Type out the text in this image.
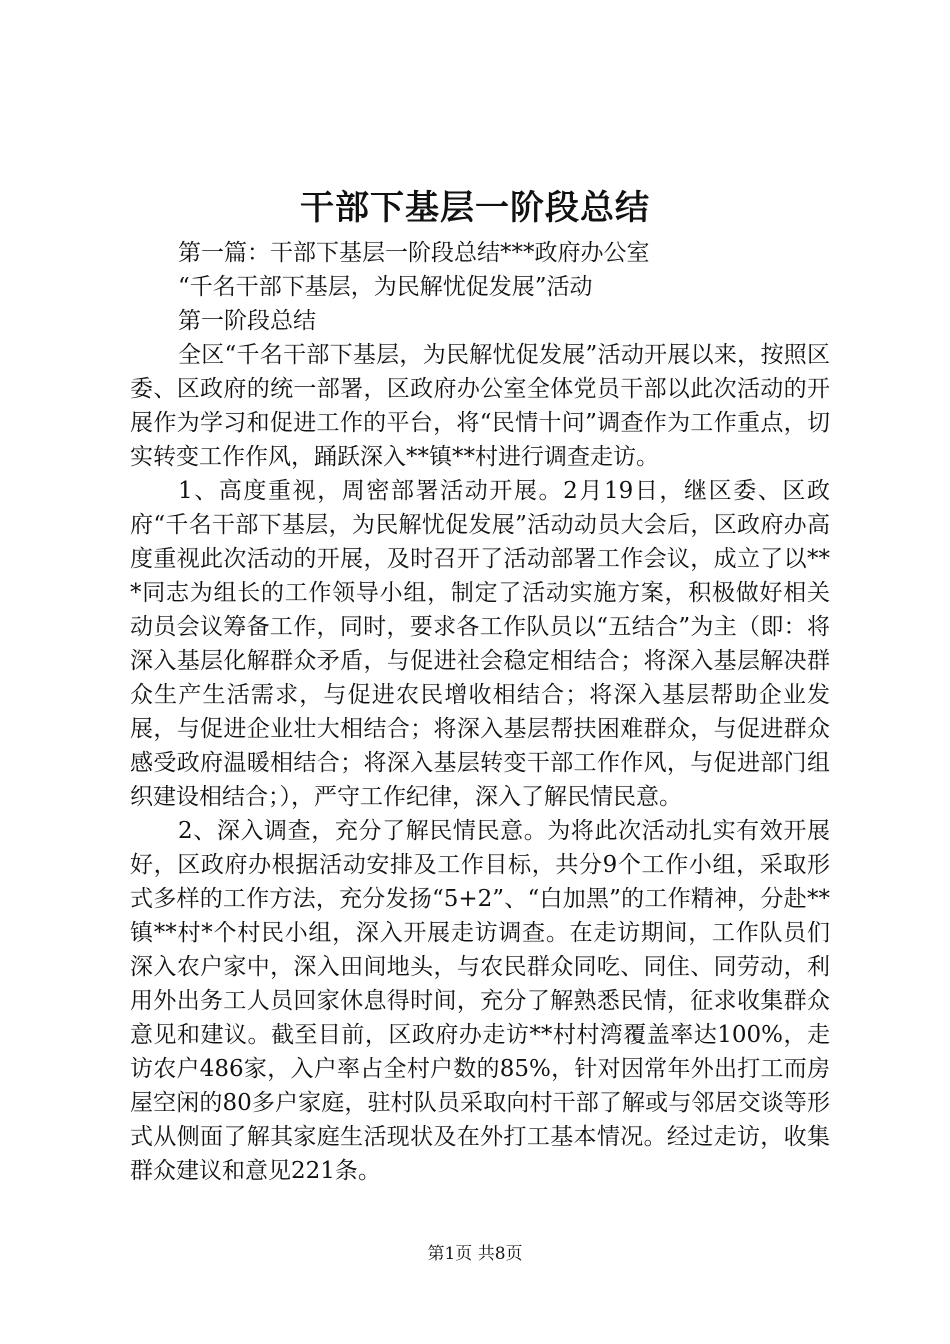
干部下基层一阶段总结

第一篇：干部下基层一阶段总结***政府办公室

“千名干部下基层，为民解忧促发展”活动

第一阶段总结

全区“千名干部下基层，为民解忧促发展”活动开展以来，按照区委、区政府的统一部署，区政府办公室全体党员干部以此次活动的开展作为学习和促进工作的平台，将“民情十问”调查作为工作重点，切实转变工作作风，踊跃深入**镇**村进行调查走访。

1、高度重视，周密部署活动开展。2月19日，继区委、区政府“千名干部下基层，为民解忧促发展”活动动员大会后，区政府办高度重视此次活动的开展，及时召开了活动部署工作会议，成立了以***同志为组长的工作领导小组，制定了活动实施方案，积极做好相关动员会议筹备工作，同时，要求各工作队员以“五结合”为主（即：将深入基层化解群众矛盾，与促进社会稳定相结合；将深入基层解决群众生产生活需求，与促进农民增收相结合；将深入基层帮助企业发展，与促进企业壮大相结合；将深入基层帮扶困难群众，与促进群众感受政府温暖相结合；将深入基层转变干部工作作风，与促进部门组织建设相结合；），严守工作纪律，深入了解民情民意。

2、深入调查，充分了解民情民意。为将此次活动扎实有效开展好，区政府办根据活动安排及工作目标，共分9个工作小组，采取形式多样的工作方法，充分发扬“5+2”、“白加黑”的工作精神，分赴**镇**村*个村民小组，深入开展走访调查。在走访期间，工作队员们深入农户家中，深入田间地头，与农民群众同吃、同住、同劳动，利用外出务工人员回家休息得时间，充分了解熟悉民情，征求收集群众意见和建议。截至目前，区政府办走访**村村湾覆盖率达100%，走访农户486家，入户率占全村户数的85%，针对因常年外出打工而房屋空闲的80多户家庭，驻村队员采取向村干部了解或与邻居交谈等形式从侧面了解其家庭生活现状及在外打工基本情况。经过走访，收集群众建议和意见221条。

第1页 共8页
